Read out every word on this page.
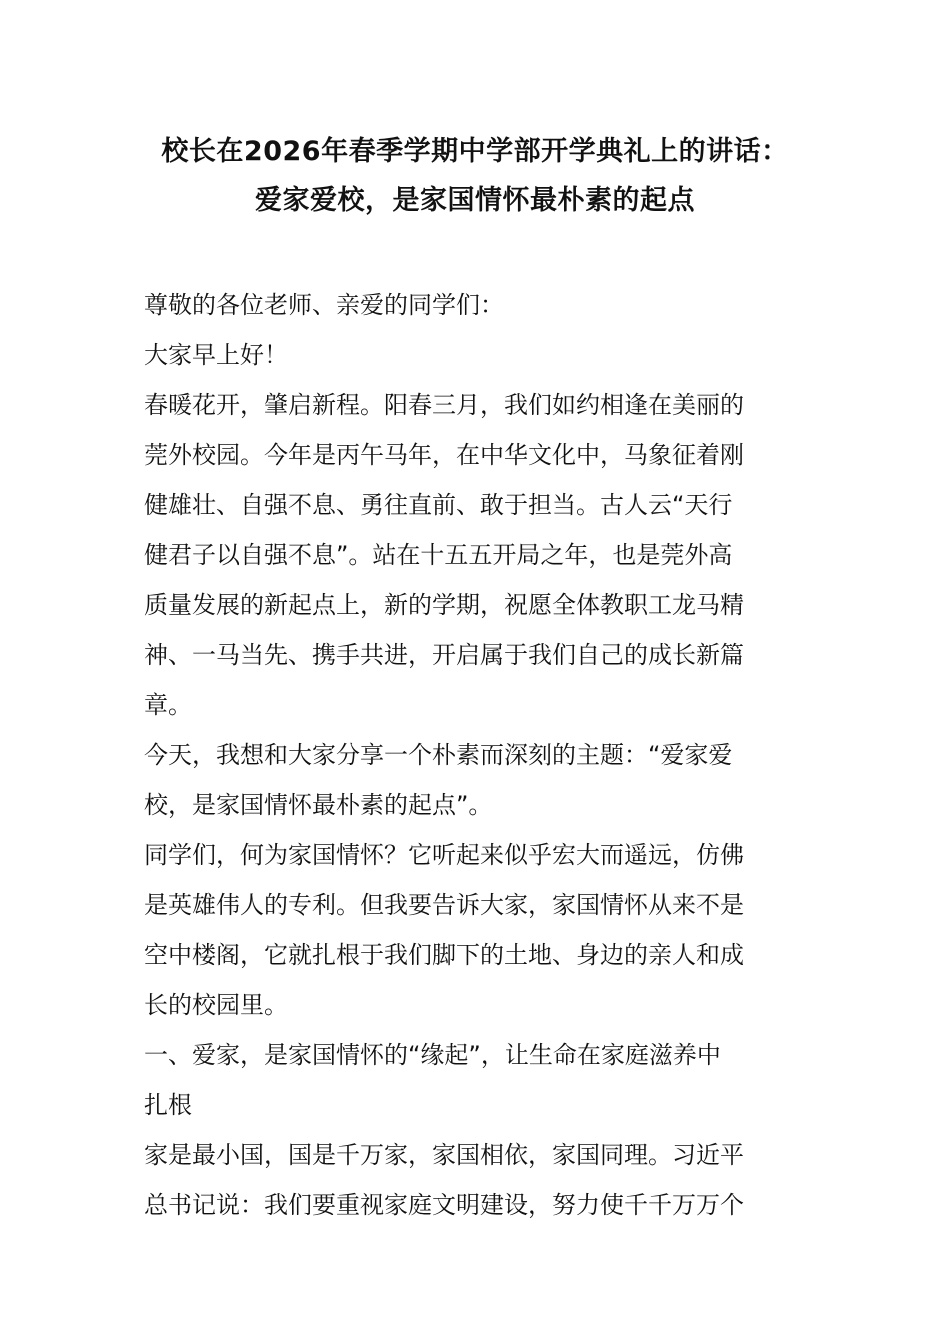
校长在2026年春季学期中学部开学典礼上的讲话：
爱家爱校，是家国情怀最朴素的起点
尊敬的各位老师、亲爱的同学们：
大家早上好！
春暖花开，肇启新程。阳春三月，我们如约相逢在美丽的
莞外校园。今年是丙午马年，在中华文化中，马象征着刚
健雄壮、自强不息、勇往直前、敢于担当。古人云“天行
健君子以自强不息”。站在十五五开局之年，也是莞外高
质量发展的新起点上，新的学期，祝愿全体教职工龙马精
神、一马当先、携手共进，开启属于我们自己的成长新篇
章。
今天，我想和大家分享一个朴素而深刻的主题：“爱家爱
校，是家国情怀最朴素的起点”。
同学们，何为家国情怀？它听起来似乎宏大而遥远，仿佛
是英雄伟人的专利。但我要告诉大家，家国情怀从来不是
空中楼阁，它就扎根于我们脚下的土地、身边的亲人和成
长的校园里。
一、爱家，是家国情怀的“缘起”，让生命在家庭滋养中
扎根
家是最小国，国是千万家，家国相依，家国同理。习近平
总书记说：我们要重视家庭文明建设，努力使千千万万个
